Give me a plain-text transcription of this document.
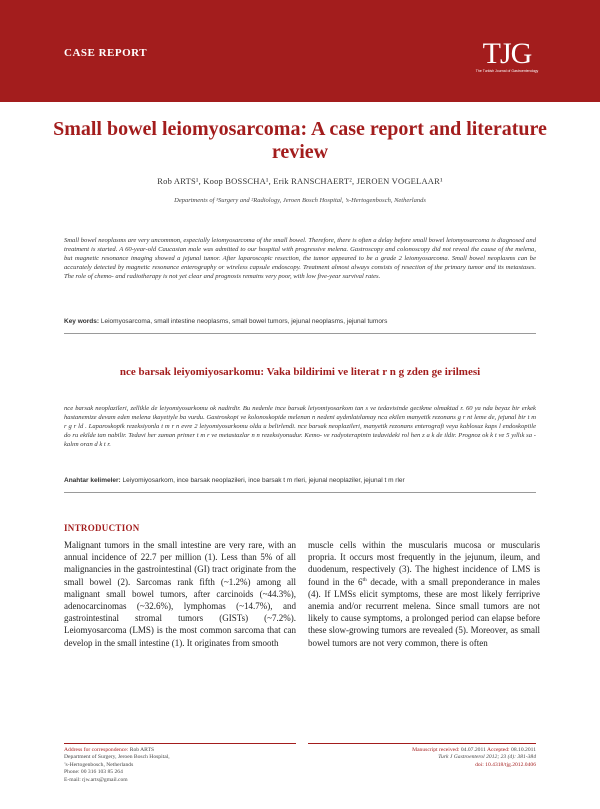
CASE REPORT	TJG
The Turkish Journal of Gastroenterology
Small bowel leiomyosarcoma: A case report and literature review
Rob ARTS¹, Koop BOSSCHA¹, Erik RANSCHAERT², JEROEN VOGELAAR¹
Departments of ¹Surgery and ²Radiology, Jeroen Bosch Hospital, ’s-Hertogenbosch, Netherlands
Small bowel neoplasms are very uncommon, especially leiomyosarcoma of the small bowel. Therefore, there is often a delay before small bowel leiomyosarcoma is diagnosed and treatment is started. A 60-year-old Caucasian male was admitted to our hospital with progressive melena. Gastroscopy and colonoscopy did not reveal the cause of the melena, but magnetic resonance imaging showed a jejunal tumor. After laparoscopic resection, the tumor appeared to be a grade 2 leiomyosarcoma. Small bowel neoplasms can be accurately detected by magnetic resonance enterography or wireless capsule endoscopy. Treatment almost always consists of resection of the primary tumor and its metastases. The role of chemo- and radiotherapy is not yet clear and prognosis remains very poor, with low five-year survival rates.
Key words: Leiomyosarcoma, small intestine neoplasms, small bowel tumors, jejunal neoplasms, jejunal tumors
nce barsak leiyomiyosarkomu: Vaka bildirimi ve literat r n g zden ge irilmesi
nce barsak neoplazileri, zellikle de leiyomiyosarkomu ok nadirdir. Bu nedenle ince barsak leiyomiyosarkom tan s ve tedavisinde gecikme olmaktad r. 60 ya nda beyaz bir erkek hastanemize devam eden melena ikayetiyle ba vurdu. Gastroskopi ve kolonoskopide melenan n nedeni aydınlatılamay nca ekilen manyetik rezonans g r nt leme de, jejunal bir t m r g r ld . Laparoskopik rezeksiyonla t m r n evre 2 leiyomiyosarkomu oldu u belirlendi. nce barsak neoplazileri, manyetik rezonans enterografi veya kablosuz kaps l endoskopiile do ru ekilde tan nabilir. Tedavi her zaman primer t m r ve metastazlar n n rezeksiyonudur. Kemo- ve radyoterapinin tedavideki rol hen z a k de ildir. Prognoz ok k t ve 5 yıllık sa -kalım oran d k t r.
Anahtar kelimeler: Leiyomiyosarkom, ince barsak neoplazileri, ince barsak t m rleri, jejunal neoplaziler, jejunal t m rler
INTRODUCTION
Malignant tumors in the small intestine are very rare, with an annual incidence of 22.7 per million (1). Less than 5% of all malignancies in the gastrointestinal (GI) tract originate from the small bowel (2). Sarcomas rank fifth (~1.2%) among all malignant small bowel tumors, after carcinoids (~44.3%), adenocarcinomas (~32.6%), lymphomas (~14.7%), and gastrointestinal stromal tumors (GISTs) (~7.2%). Leiomyosarcoma (LMS) is the most common sarcoma that can develop in the small intestine (1). It originates from smooth
muscle cells within the muscularis mucosa or muscularis propria. It occurs most frequently in the jejunum, ileum, and duodenum, respectively (3). The highest incidence of LMS is found in the 6th decade, with a small preponderance in males (4). If LMSs elicit symptoms, these are most likely ferriprive anemia and/or recurrent melena. Since small tumors are not likely to cause symptoms, a prolonged period can elapse before these slow-growing tumors are revealed (5). Moreover, as small bowel tumors are not very common, there is often
Address for correspondence: Rob ARTS
Department of Surgery, Jeroen Bosch Hospital,
’s-Hertogenbosch, Netherlands
Phone: 00 316 103 85 264
E-mail: rjw.arts@gmail.com
Manuscript received: 04.07.2011 Accepted: 08.10.2011
Turk J Gastroenterol 2012; 23 (4): 381-384
doi: 10.4318/tjg.2012.0406
